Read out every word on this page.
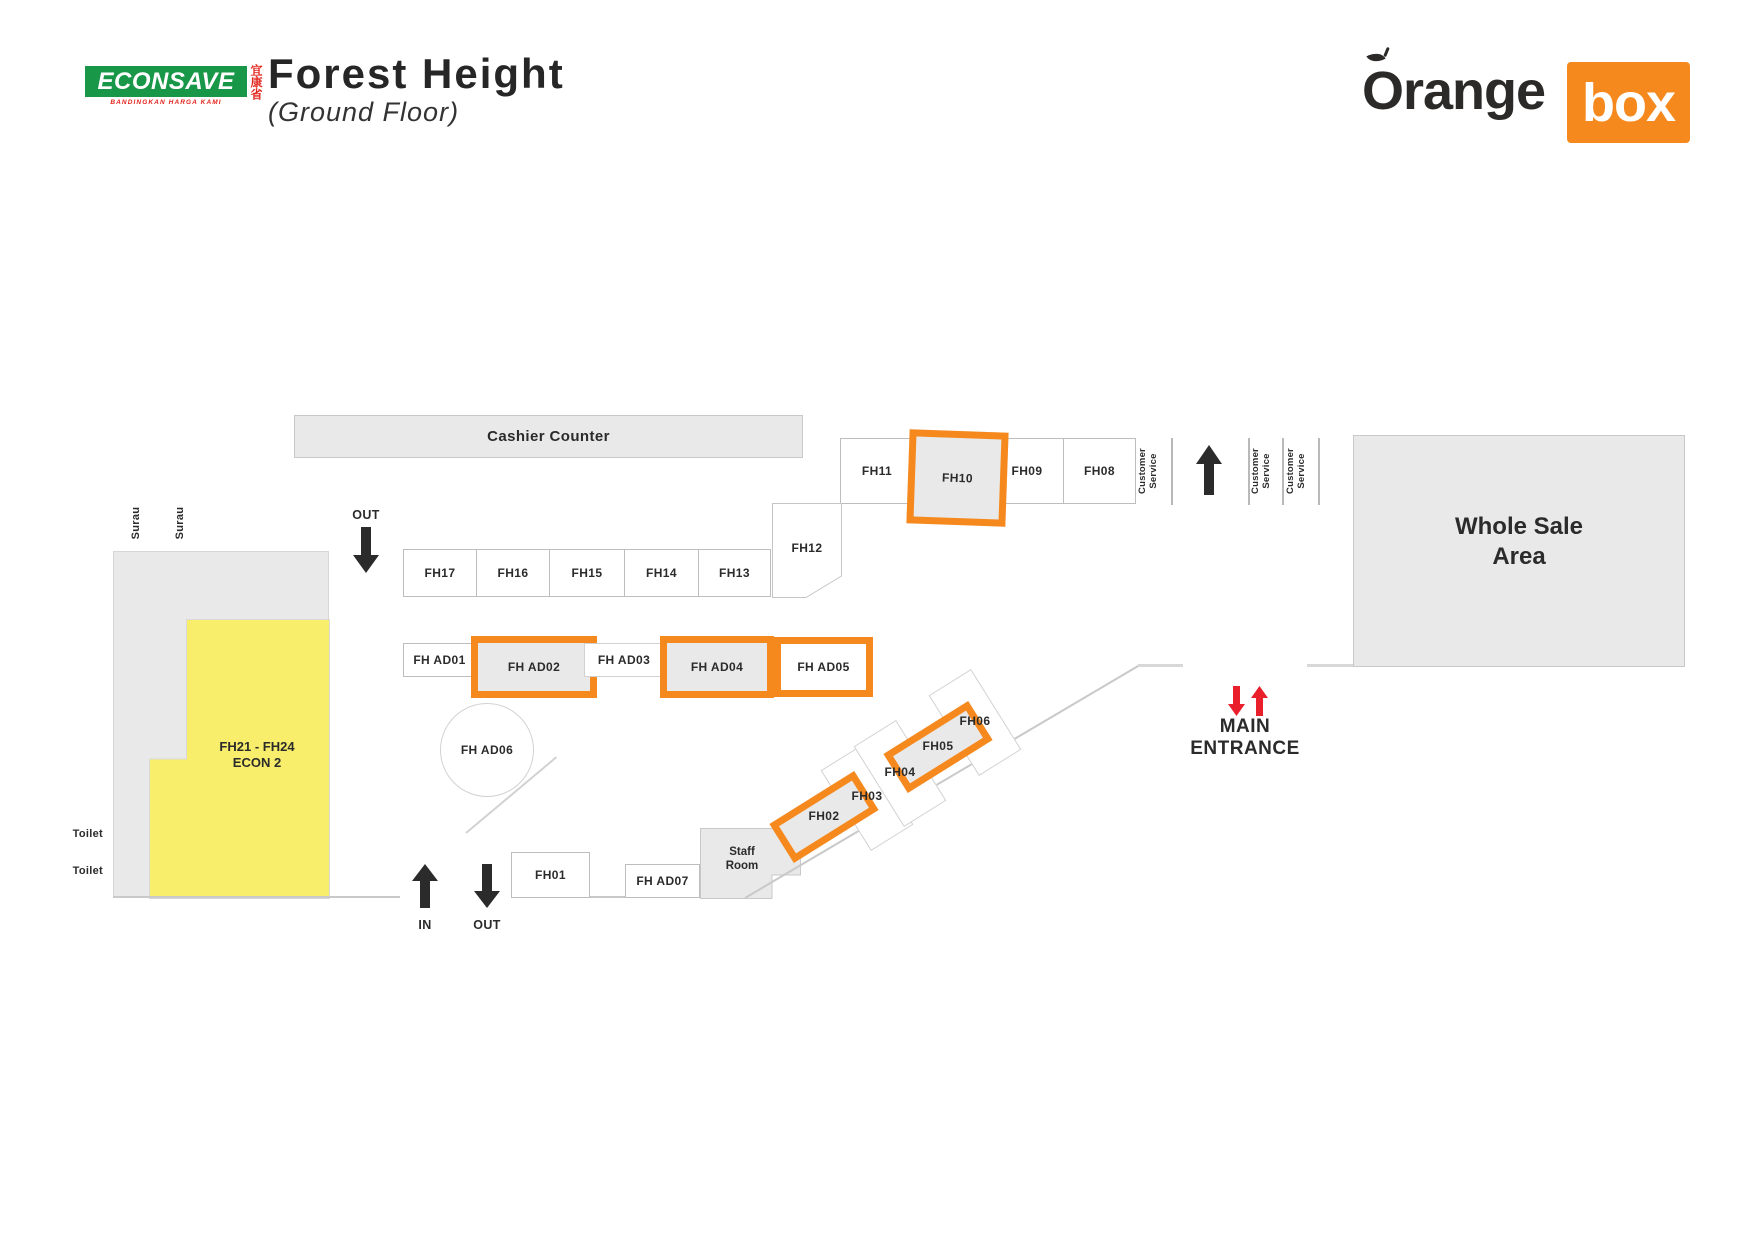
ECONSAVE
BANDINGKAN HARGA KAMI
宜康省 Forest Height
(Ground Floor)	Orange box
Cashier Counter
OUT
FH11	FH09	FH08
FH10	Customer Service	Customer Service	Customer Service
FH12
FH17	FH16	FH15	FH14	FH13
FH AD01	FH AD02	FH AD03	FH AD04	FH AD05
FH AD06
FH21 - FH24
ECON 2
Surau	Surau
Toilet
Toilet
IN	OUT
FH01	FH AD07
Staff
Room
FH02
FH03
FH04
FH05
FH06	MAIN
ENTRANCE
Whole Sale
Area
